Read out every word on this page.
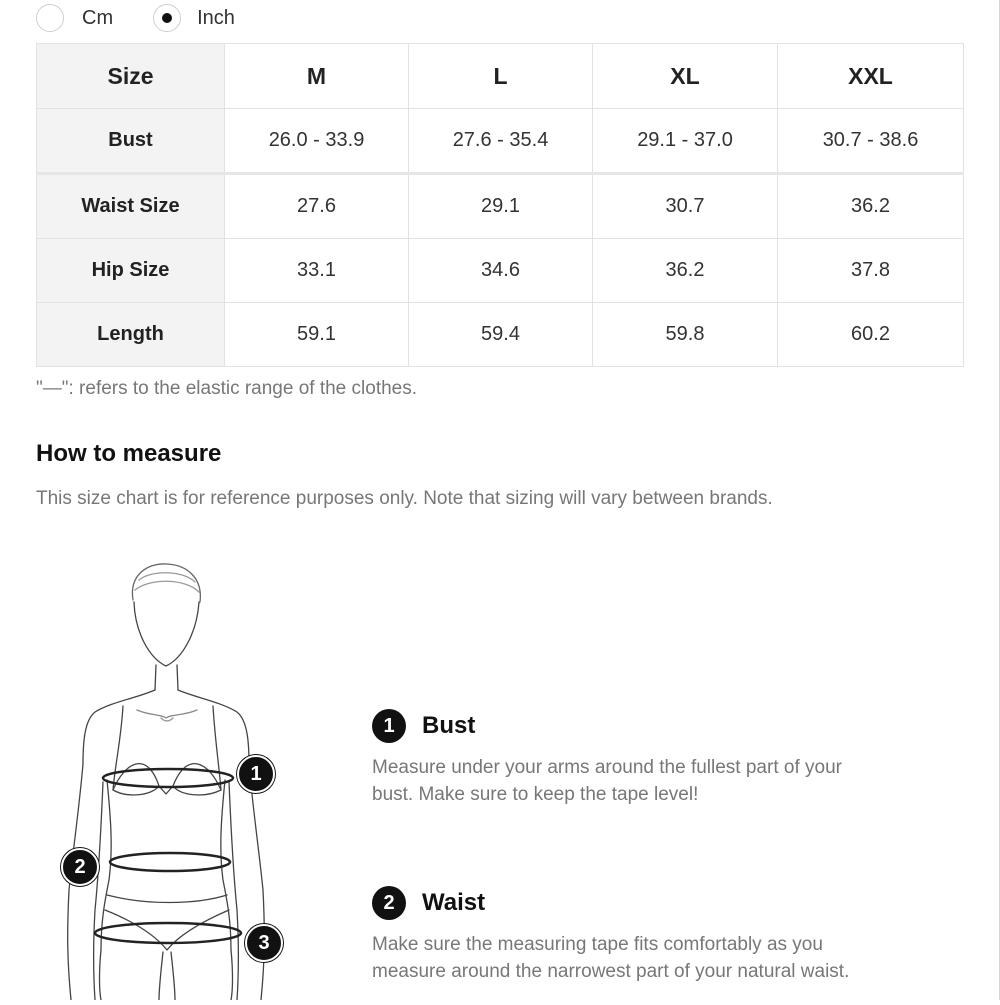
Cm	Inch
Size	M	L	XL	XXL
Bust	26.0 - 33.9	27.6 - 35.4	29.1 - 37.0	30.7 - 38.6
Waist Size	27.6	29.1	30.7	36.2
Hip Size	33.1	34.6	36.2	37.8
Length	59.1	59.4	59.8	60.2
"—": refers to the elastic range of the clothes.
How to measure
This size chart is for reference purposes only. Note that sizing will vary between brands.
1
2
3
1	Bust
Measure under your arms around the fullest part of your
bust. Make sure to keep the tape level!
2	Waist
Make sure the measuring tape fits comfortably as you
measure around the narrowest part of your natural waist.
